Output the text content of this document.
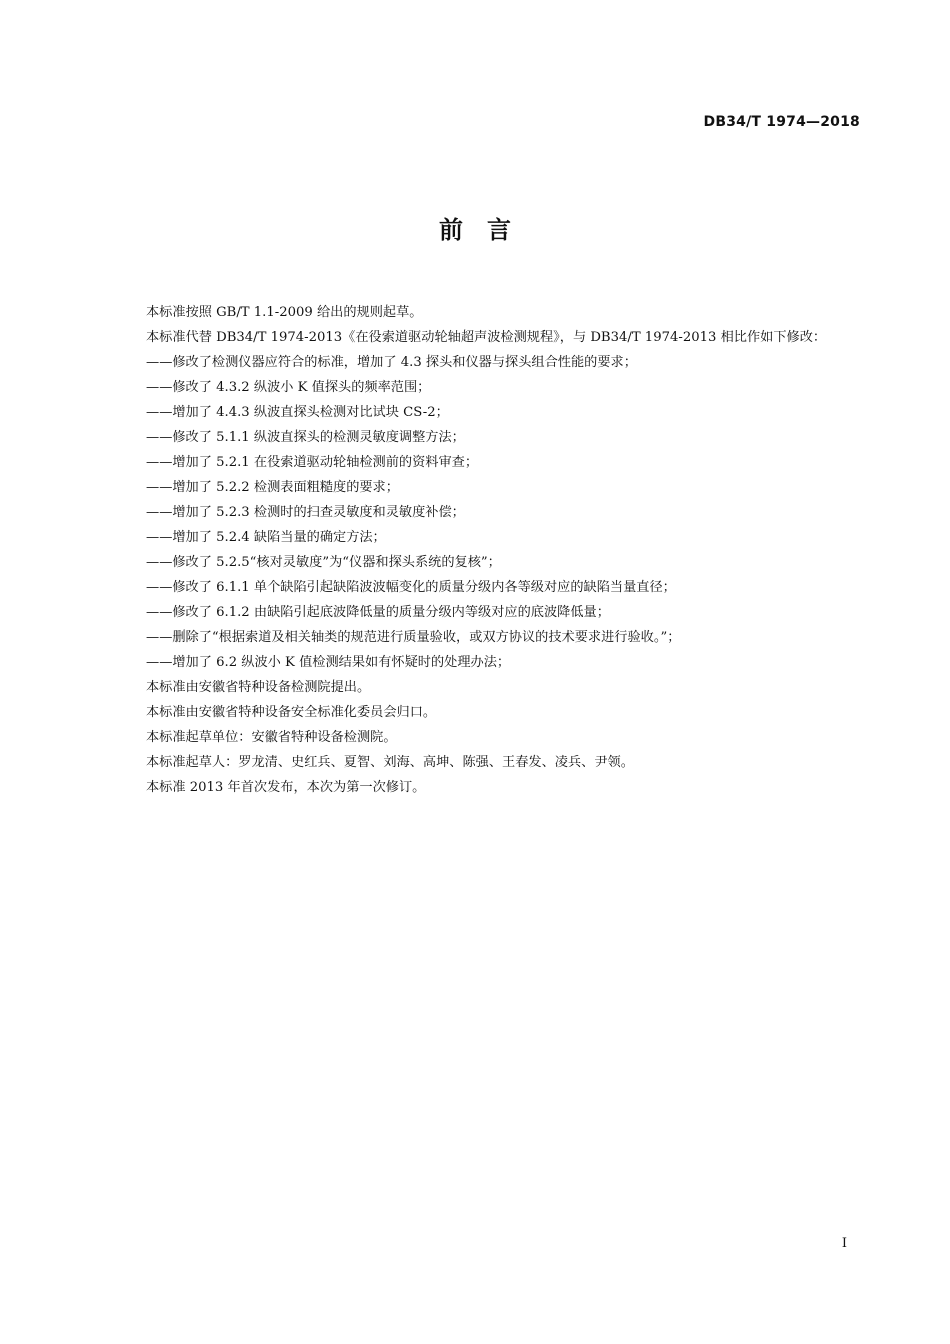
DB34/T 1974—2018
前言

本标准按照 GB/T 1.1-2009 给出的规则起草。

本标准代替 DB34/T 1974-2013《在役索道驱动轮轴超声波检测规程》，与 DB34/T 1974-2013 相比作如下修改：

——修改了检测仪器应符合的标准，增加了 4.3 探头和仪器与探头组合性能的要求；

——修改了 4.3.2 纵波小 K 值探头的频率范围；

——增加了 4.4.3 纵波直探头检测对比试块 CS-2；

——修改了 5.1.1 纵波直探头的检测灵敏度调整方法；

——增加了 5.2.1 在役索道驱动轮轴检测前的资料审查；

——增加了 5.2.2 检测表面粗糙度的要求；

——增加了 5.2.3 检测时的扫查灵敏度和灵敏度补偿；

——增加了 5.2.4 缺陷当量的确定方法；

——修改了 5.2.5“核对灵敏度”为“仪器和探头系统的复核”；

——修改了 6.1.1 单个缺陷引起缺陷波波幅变化的质量分级内各等级对应的缺陷当量直径；

——修改了 6.1.2 由缺陷引起底波降低量的质量分级内等级对应的底波降低量；

——删除了“根据索道及相关轴类的规范进行质量验收，或双方协议的技术要求进行验收。”；

——增加了 6.2 纵波小 K 值检测结果如有怀疑时的处理办法；

本标准由安徽省特种设备检测院提出。

本标准由安徽省特种设备安全标准化委员会归口。

本标准起草单位：安徽省特种设备检测院。

本标准起草人：罗龙清、史红兵、夏智、刘海、高坤、陈强、王春发、凌兵、尹领。

本标准 2013 年首次发布，本次为第一次修订。

I
